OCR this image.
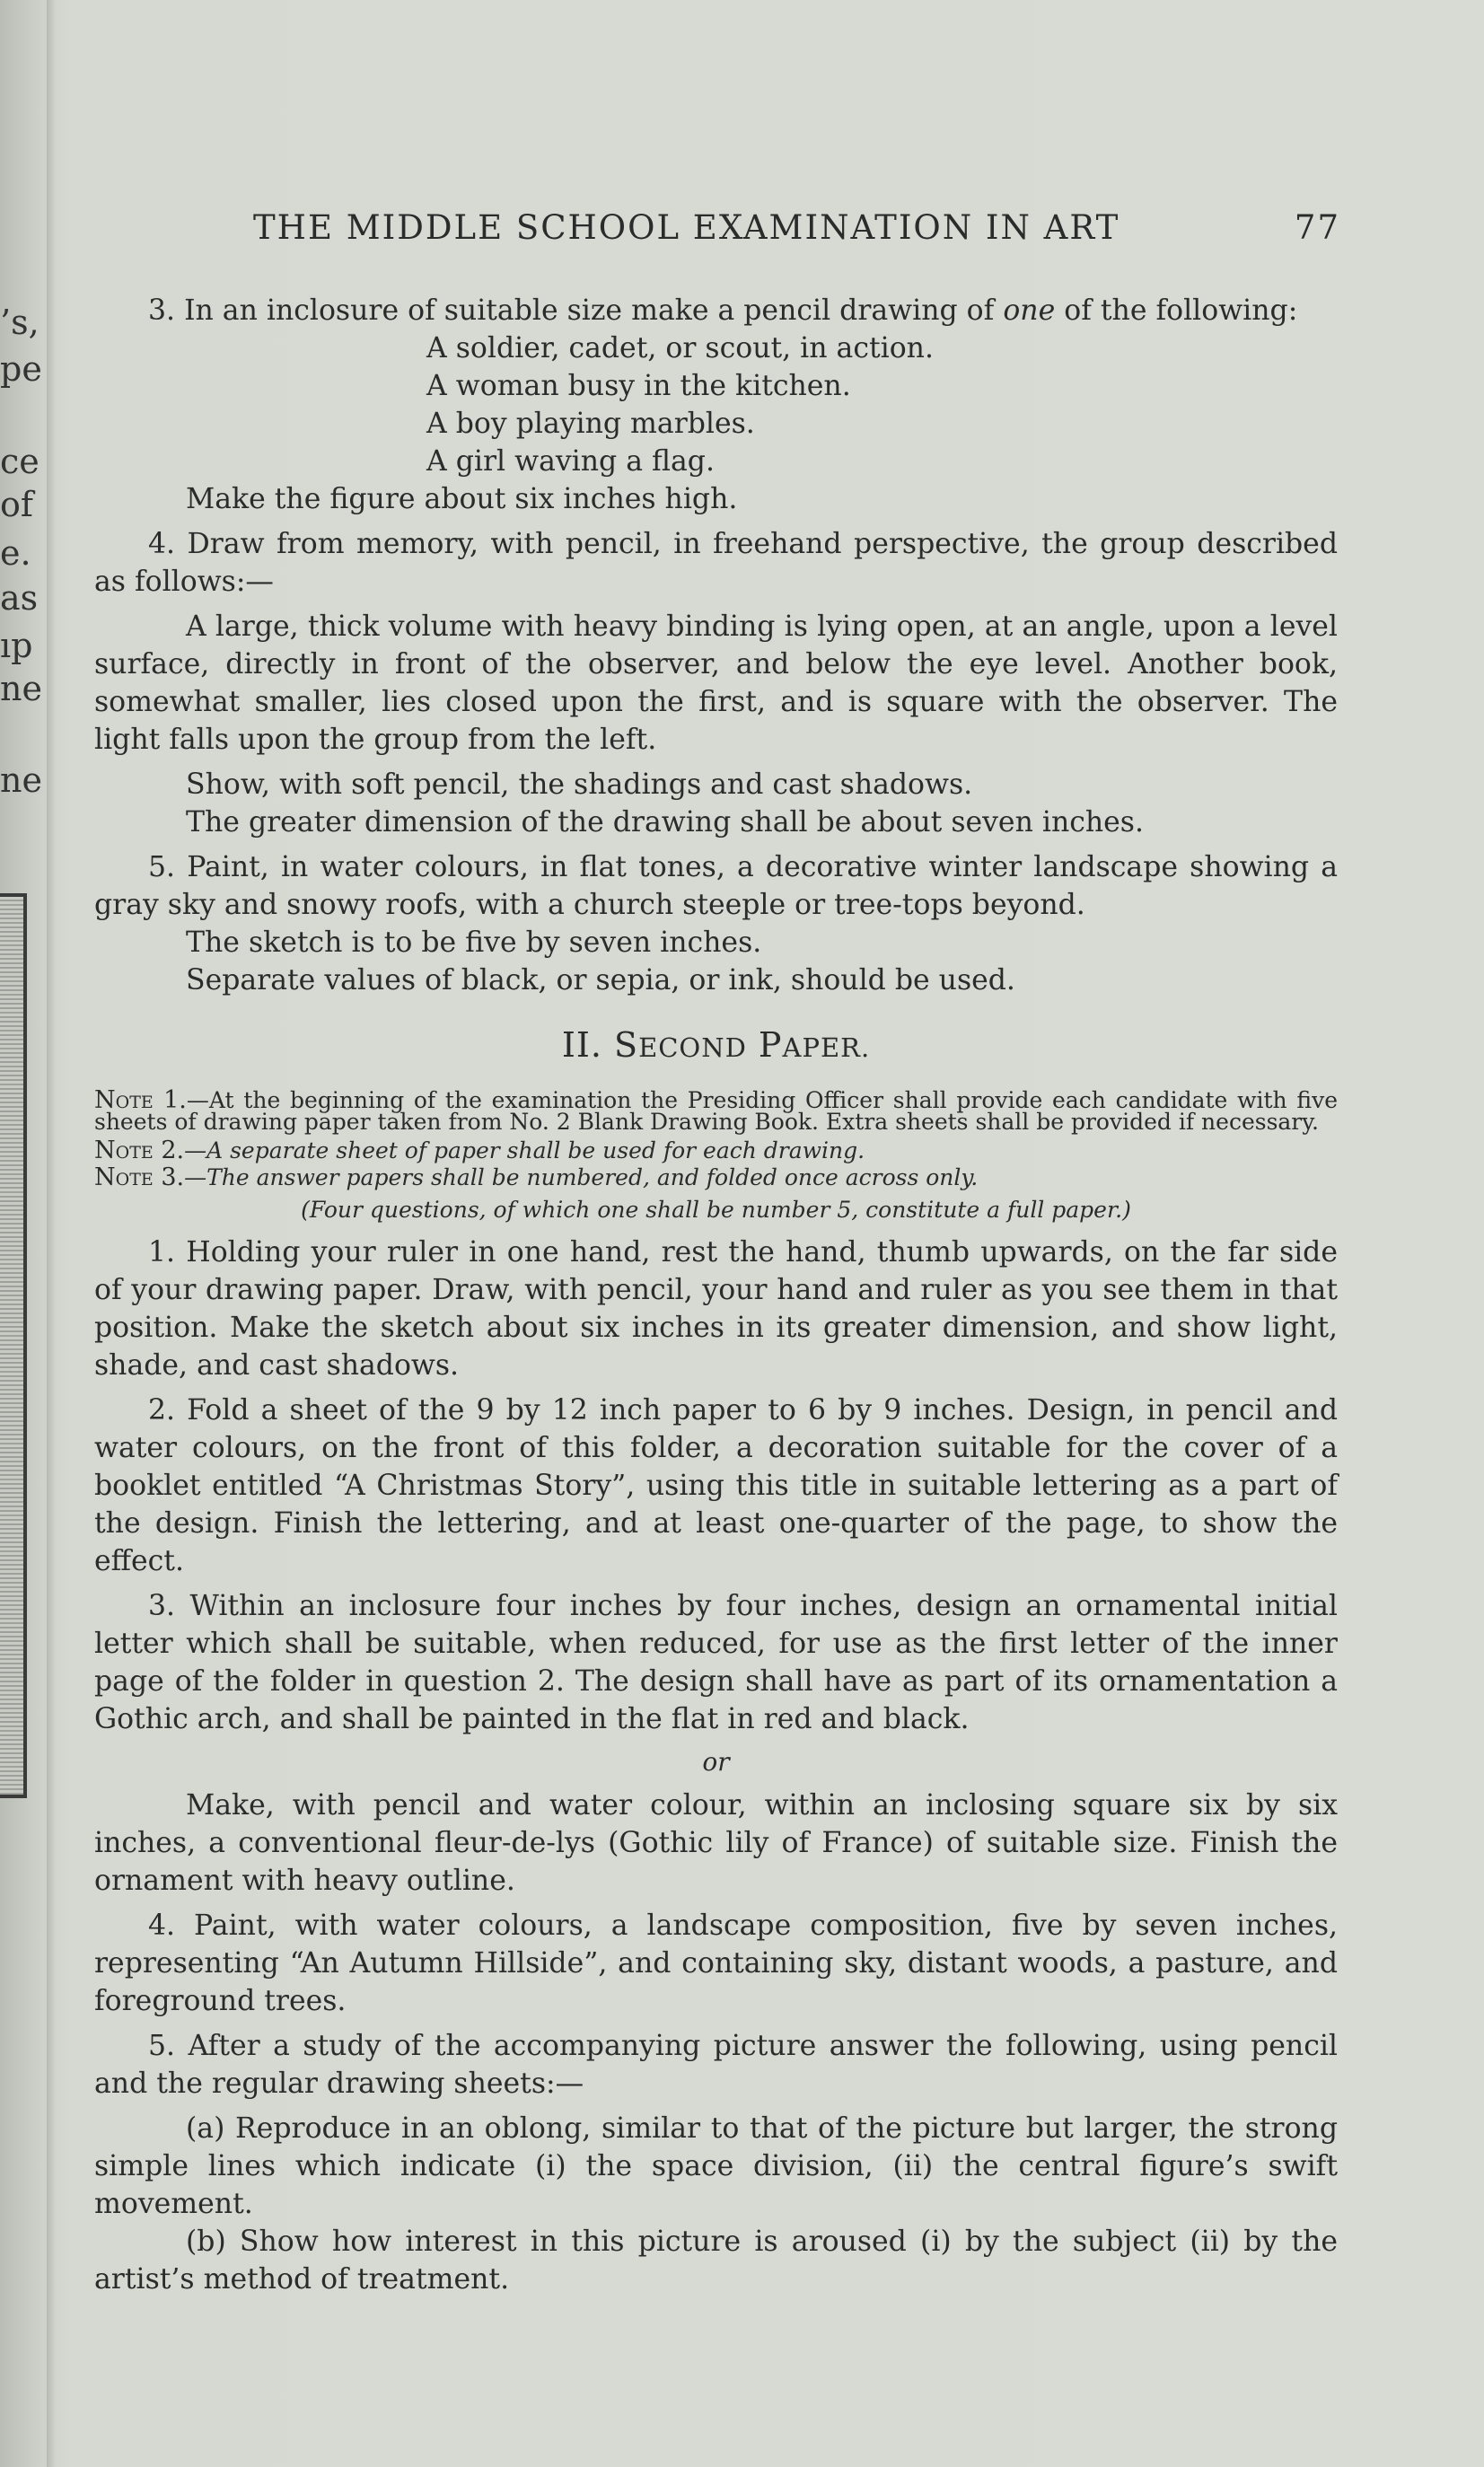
’s,
pe
ce
of
e.
as
ıp
ne
ne
THE MIDDLE SCHOOL EXAMINATION IN ART	77

3. In an inclosure of suitable size make a pencil drawing of one of the following:

A soldier, cadet, or scout, in action.
A woman busy in the kitchen.
A boy playing marbles.
A girl waving a flag.

Make the figure about six inches high.

4. Draw from memory, with pencil, in freehand perspective, the group described as follows:—

A large, thick volume with heavy binding is lying open, at an angle, upon a level surface, directly in front of the observer, and below the eye level. Another book, somewhat smaller, lies closed upon the first, and is square with the observer. The light falls upon the group from the left.

Show, with soft pencil, the shadings and cast shadows.

The greater dimension of the drawing shall be about seven inches.

5. Paint, in water colours, in flat tones, a decorative winter landscape showing a gray sky and snowy roofs, with a church steeple or tree-tops beyond.

The sketch is to be five by seven inches.

Separate values of black, or sepia, or ink, should be used.

II. SECOND PAPER.

Note 1.—At the beginning of the examination the Presiding Officer shall provide each candidate with five sheets of drawing paper taken from No. 2 Blank Drawing Book. Extra sheets shall be provided if necessary.

Note 2.—A separate sheet of paper shall be used for each drawing.

Note 3.—The answer papers shall be numbered, and folded once across only.

(Four questions, of which one shall be number 5, constitute a full paper.)

1. Holding your ruler in one hand, rest the hand, thumb upwards, on the far side of your drawing paper. Draw, with pencil, your hand and ruler as you see them in that position. Make the sketch about six inches in its greater dimension, and show light, shade, and cast shadows.

2. Fold a sheet of the 9 by 12 inch paper to 6 by 9 inches. Design, in pencil and water colours, on the front of this folder, a decoration suitable for the cover of a booklet entitled “A Christmas Story”, using this title in suitable lettering as a part of the design. Finish the lettering, and at least one-quarter of the page, to show the effect.

3. Within an inclosure four inches by four inches, design an ornamental initial letter which shall be suitable, when reduced, for use as the first letter of the inner page of the folder in question 2. The design shall have as part of its ornamentation a Gothic arch, and shall be painted in the flat in red and black.

or

Make, with pencil and water colour, within an inclosing square six by six inches, a conventional fleur-de-lys (Gothic lily of France) of suitable size. Finish the ornament with heavy outline.

4. Paint, with water colours, a landscape composition, five by seven inches, representing “An Autumn Hillside”, and containing sky, distant woods, a pasture, and foreground trees.

5. After a study of the accompanying picture answer the following, using pencil and the regular drawing sheets:—

(a) Reproduce in an oblong, similar to that of the picture but larger, the strong simple lines which indicate (i) the space division, (ii) the central figure’s swift movement.

(b) Show how interest in this picture is aroused (i) by the subject (ii) by the artist’s method of treatment.
